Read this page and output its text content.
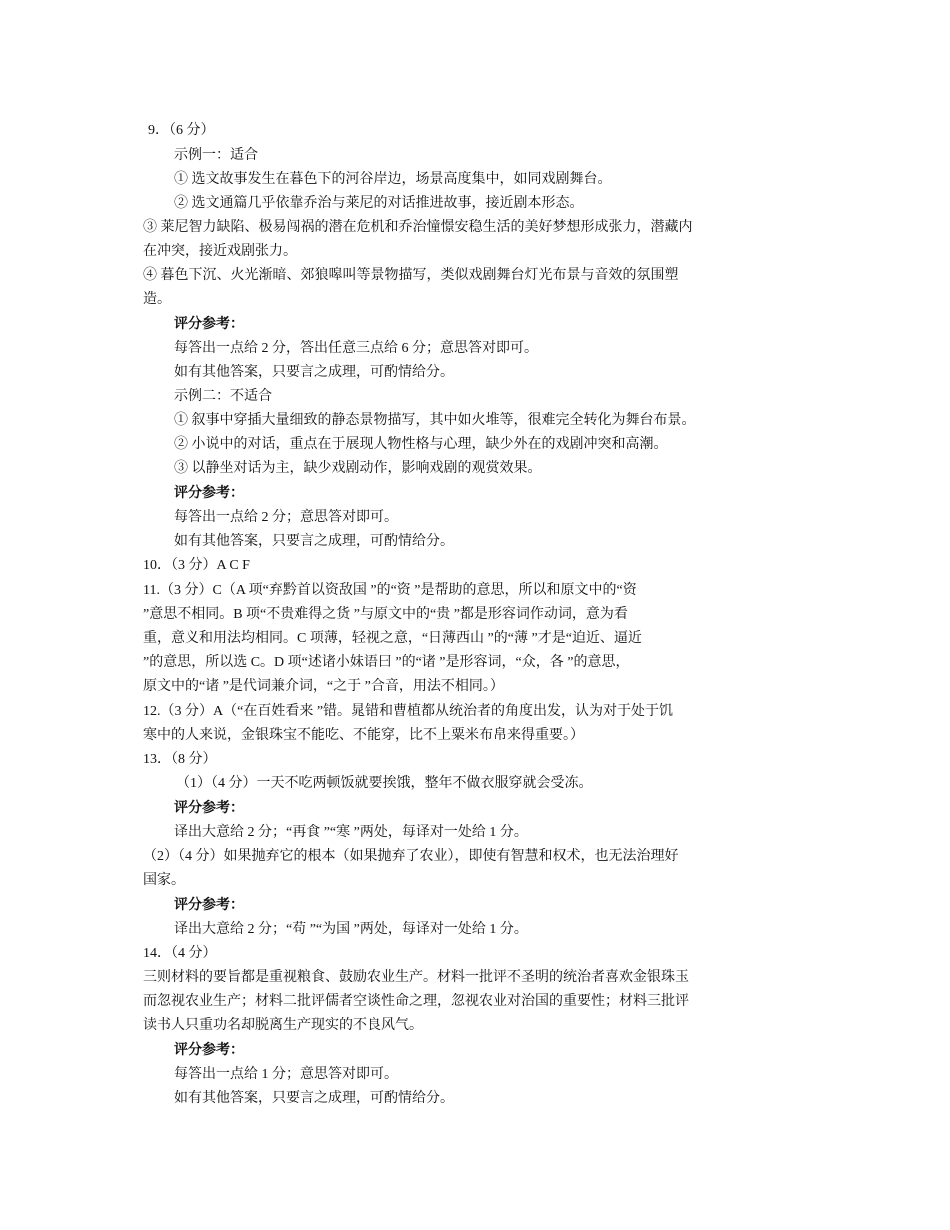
9．（6 分）
示例一：适合
① 选文故事发生在暮色下的河谷岸边，场景高度集中，如同戏剧舞台。
② 选文通篇几乎依靠乔治与莱尼的对话推进故事，接近剧本形态。
③ 莱尼智力缺陷、极易闯祸的潜在危机和乔治憧憬安稳生活的美好梦想形成张力，潜藏内
在冲突，接近戏剧张力。
④ 暮色下沉、火光渐暗、郊狼嗥叫等景物描写，类似戏剧舞台灯光布景与音效的氛围塑
造。
评分参考：
每答出一点给 2 分，答出任意三点给 6 分；意思答对即可。
如有其他答案，只要言之成理，可酌情给分。
示例二：不适合
① 叙事中穿插大量细致的静态景物描写，其中如火堆等，很难完全转化为舞台布景。
② 小说中的对话，重点在于展现人物性格与心理，缺少外在的戏剧冲突和高潮。
③ 以静坐对话为主，缺少戏剧动作，影响戏剧的观赏效果。
评分参考：
每答出一点给 2 分；意思答对即可。
如有其他答案，只要言之成理，可酌情给分。
10．（3 分）A C F
11.（3 分）C（A 项“弃黔首以资敌国 ”的“资 ”是帮助的意思，所以和原文中的“资
”意思不相同。B 项“不贵难得之货 ”与原文中的“贵 ”都是形容词作动词，意为看
重，意义和用法均相同。C 项薄，轻视之意，“日薄西山 ”的“薄 ”才是“迫近、逼近
”的意思，所以选 C。D 项“述诸小妹语曰 ”的“诸 ”是形容词，“众，各 ”的意思，
原文中的“诸 ”是代词兼介词，“之于 ”合音，用法不相同。）
12.（3 分）A（“在百姓看来 ”错。晁错和曹植都从统治者的角度出发，认为对于处于饥
寒中的人来说，金银珠宝不能吃、不能穿，比不上粟米布帛来得重要。）
13．（8 分）
（1）（4 分）一天不吃两顿饭就要挨饿，整年不做衣服穿就会受冻。
评分参考：
译出大意给 2 分；“再食 ”“寒 ”两处，每译对一处给 1 分。
（2）（4 分）如果抛弃它的根本（如果抛弃了农业），即使有智慧和权术，也无法治理好
国家。
评分参考：
译出大意给 2 分；“苟 ”“为国 ”两处，每译对一处给 1 分。
14．（4 分）
三则材料的要旨都是重视粮食、鼓励农业生产。材料一批评不圣明的统治者喜欢金银珠玉
而忽视农业生产；材料二批评儒者空谈性命之理，忽视农业对治国的重要性；材料三批评
读书人只重功名却脱离生产现实的不良风气。
评分参考：
每答出一点给 1 分；意思答对即可。
如有其他答案，只要言之成理，可酌情给分。
